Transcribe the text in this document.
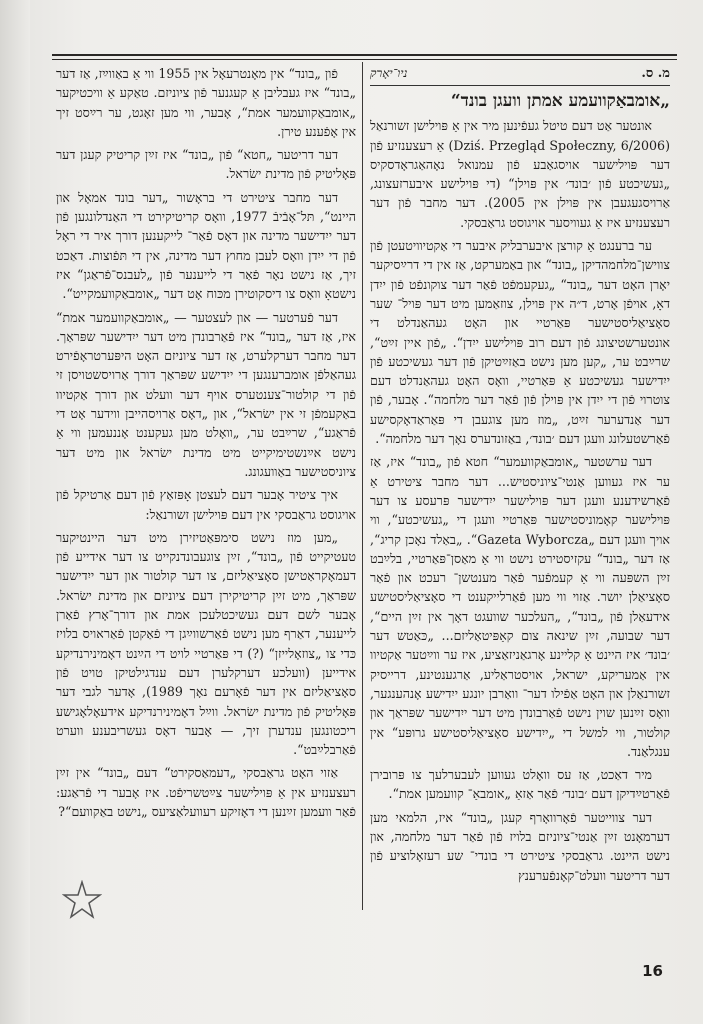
מ. ס.
ניו־יאָרק
„אומבאַקוועמע אמתן וועגן בונד“

אונטער אַט דעם טיטל געפֿינען מיר אין אַ פּוילישן זשורנאַל (Dziś. Przegląd Społeczny, 6/2006) אַ רעצענזיע פֿון דער פּוילישער אויסגאַבע פֿון עמנואל נאָהאַגראָדסקיס „געשיכטע פֿון ׳בונד׳ אין פּוילן“ (די פּוילישע איבערזעצונג, אַרויסגעגעבן אין פּוילן אין 2005). דער מחבר פֿון דער רעצענזיע איז אַ געוויסער אויגוסט גראַבסקי.

ער ברענגט אַ קורצן איבערבליק איבער די אַקטיוויטעטן פֿון צווישן־מלחמהדיקן „בונד“ און באַמערקט, אַז אין די דרײַסיקער יאָרן האָט דער „בונד“ „געקעמפֿט פֿאַר דער צוקונפֿט פֿון ייִדן דאָ, אויפֿן אָרט, ד״ה אין פּוילן, צוזאַמען מיט דער פּויל־ שער סאָציאַליסטישער פּאַרטיי און האָט געהאַנדלט די אונטערשטיצונג פֿון דעם רוב פּוילישע ייִדן“. „פֿון איין זײַט“, שרײַבט ער, „קען מען נישט באַזײַטיקן פֿון דער געשיכטע פֿון ייִדישער געשיכטע אַ פּאַרטיי, וואָס האָט געהאַנדלט דעם צוטרוי פֿון די ייִדן אין פּוילן פֿון פֿאַר דער מלחמה“. אָבער, פֿון דער אַנדערער זײַט, „מוז מען צוגעבן די פּאַראַדאָקסישע פֿאַרשטעלונג וועגן דעם ׳בונד׳, באַזונדערס נאָך דער מלחמה“.

דער ערשטער „אומבאַקוועמער“ חטא פֿון „בונד“ איז, אַז ער איז געווען אַנטי־ציוניסטיש... דער מחבר ציטירט אַ פֿאַרשידענע וועגן דער פּוילישער ייִדישער פּרעסע צו דער פּוילישער קאָמוניסטישער פּאַרטיי וועגן די „געשיכטע“, ווי אויך וועגן דעם „Gazeta Wyborcza“. „באַלד נאָכן קריג“, אַז דער „בונד“ עקזיסטירט נישט ווי אַ מאַסן־פּאַרטיי, בלײַבט זײַן השפּעה ווי אַ קעמפֿער פֿאַר מענטשן־ רעכט און פֿאַר סאָציאַלן יושר. אַזוי ווי מען פֿאַרלייקענט די סאָציאַליסטישע אידעאַלן פֿון „בונד“, „העלכער שוועגט דאָך אין זײַן היים“, דער שבועה, זײַן שינאה צום קאַפּיטאַליזם... „כּאַטש דער ׳בונד׳ איז היינט אַ קליינע אָרגאַניזאַציע, איז ער ווײַטער אַקטיוו אין אַמעריקע, ישראל, אויסטראַליע, אַרגענטינע, דרייסיק זשורנאַלן און האָט אַפֿילו דער־ וואַרבן יונגע ייִדישע אָנהענגער, וואָס זײַנען שוין נישט פֿאַרבונדן מיט דער ייִדישער שפּראַך און קולטור, ווי למשל די „ייִדישע סאָציאַליסטישע גרופּע“ אין ענגלאַנד.

מיר דאַכט, אַז עס וואָלט געווען לעבערלעך צו פּרובירן פֿאַרטײַדיקן דעם ׳בונד׳ פֿאַר אַזאַ „אומבאַ־ קוועמען אמת“.

דער צווייטער פֿאָרוואָרף קעגן „בונד“ איז, הלמאי מען דערמאָנט זײַן אַנטי־ציוניזם בלויז פֿון פֿאַר דער מלחמה, און נישט היינט. גראַבסקי ציטירט די בונדי־ שע רעזאָלוציע פֿון דער דריטער וועלט־קאָנפֿערענץ

פֿון „בונד“ אין מאָנטרעאָל אין 1955 ווי אַ באַווײַז, אַז דער „בונד“ איז געבליבן אַ קעגנער פֿון ציוניזם. טאַקע אַ וויכטיקער „אומבאַקוועמער אמת“, אָבער, ווי מען זאָגט, ער רײַסט זיך אין אָפֿענע טירן.

דער דריטער „חטא“ פֿון „בונד“ איז זײַן קריטיק קעגן דער פּאָליטיק פֿון מדינת ישׂראל.

דער מחבר ציטירט די בראָשור „דער בונד אמאָל און היינט“, תּל־אָבֿיבֿ 1977, וואָס קריטיקירט די האַנדלונגען פֿון דער ייִדישער מדינה און דאָס פֿאַר־ לייקענען דורך איר די ראָל פֿון די ייִדן וואָס לעבן מחוץ דער מדינה, אין די תּפֿוצות. דאַכט זיך, אַז נישט נאָר פֿאַר די לייענער פֿון „לעבנס־פֿראַגן“ איז נישטאָ וואָס צו דיסקוטירן מכּוח אָט דער „אומבאַקוועמקייט“.

דער פֿערטער — און לעצטער — „אומבאַקוועמער אמת“ איז, אַז דער „בונד“ איז פֿאַרבונדן מיט דער ייִדישער שפּראַך. דער מחבר דערקלערט, אַז דער ציוניזם האָט היפּערטראָפֿירט געהאַלפֿן אומברענגען די ייִדישע שפּראַך דורך אַרויסשטויסן זי פֿון די קולטור־צענטערס אויף דער וועלט און דורך אַקטיוו באַקעמפֿן זי אין ישׂראל“, און „דאָס אַרויסהייבן ווידער אָט די פֿראַגע“, שרײַבט ער, „וואָלט מען געקענט אָננעמען ווי אַ נישט אײַנשטימיקייט מיט מדינת ישׂראל און מיט דער ציוניסטישער באַוועגונג.

איך ציטיר אָבער דעם לעצטן אָפּזאַץ פֿון דעם אַרטיקל פֿון אויגוסט גראַבסקי אין דעם פּוילישן זשורנאַל:

„מען מוז נישט סימפּאַטיזירן מיט דער היינטיקער טעטיקייט פֿון „בונד“, זײַן צוגעבונדנקייט צו דער אידייע פֿון דעמאָקראַטישן סאָציאַליזם, צו דער קולטור און דער ייִדישער שפּראַך, מיט זײַן קריטיקירן דעם ציוניזם און מדינת ישׂראל. אָבער לשם דעם געשיכטלעכן אמת און דורך־אָרץ פֿאַרן לייענער, דאַרף מען נישט פֿאַרשווײַגן די פֿאַקטן פֿאַראויס בלויז כּדי צו „צוזאָלייזן“ (?) די פּאַרטיי לויט די הײַנט דאָמינירנדיקע אידייען (וועלכע דערקלערן דעם ענדגילטיקן טויט פֿון סאָציאַליזם אין דער פֿאָרעם נאָך 1989), אָדער לגבי דער פּאָליטיק פֿון מדינת ישׂראל. ווײַל דאָמינירנדיקע אידעאָלאָגישע ריכטונגען ענדערן זיך, — אָבער דאָס געשריבענע ווערט פֿאַרבלײַבט“.

אַזוי האָט גראַבסקי „דעמאַסקירט“ דעם „בונד“ אין זײַן רעצענזיע אין אַ פּוילישער צײַטשריפֿט. איז אָבער די פֿראַגע: פֿאַר וועמען זײַנען די דאָזיקע רעוועלאַציעס „נישט באַקוועם“?

16
